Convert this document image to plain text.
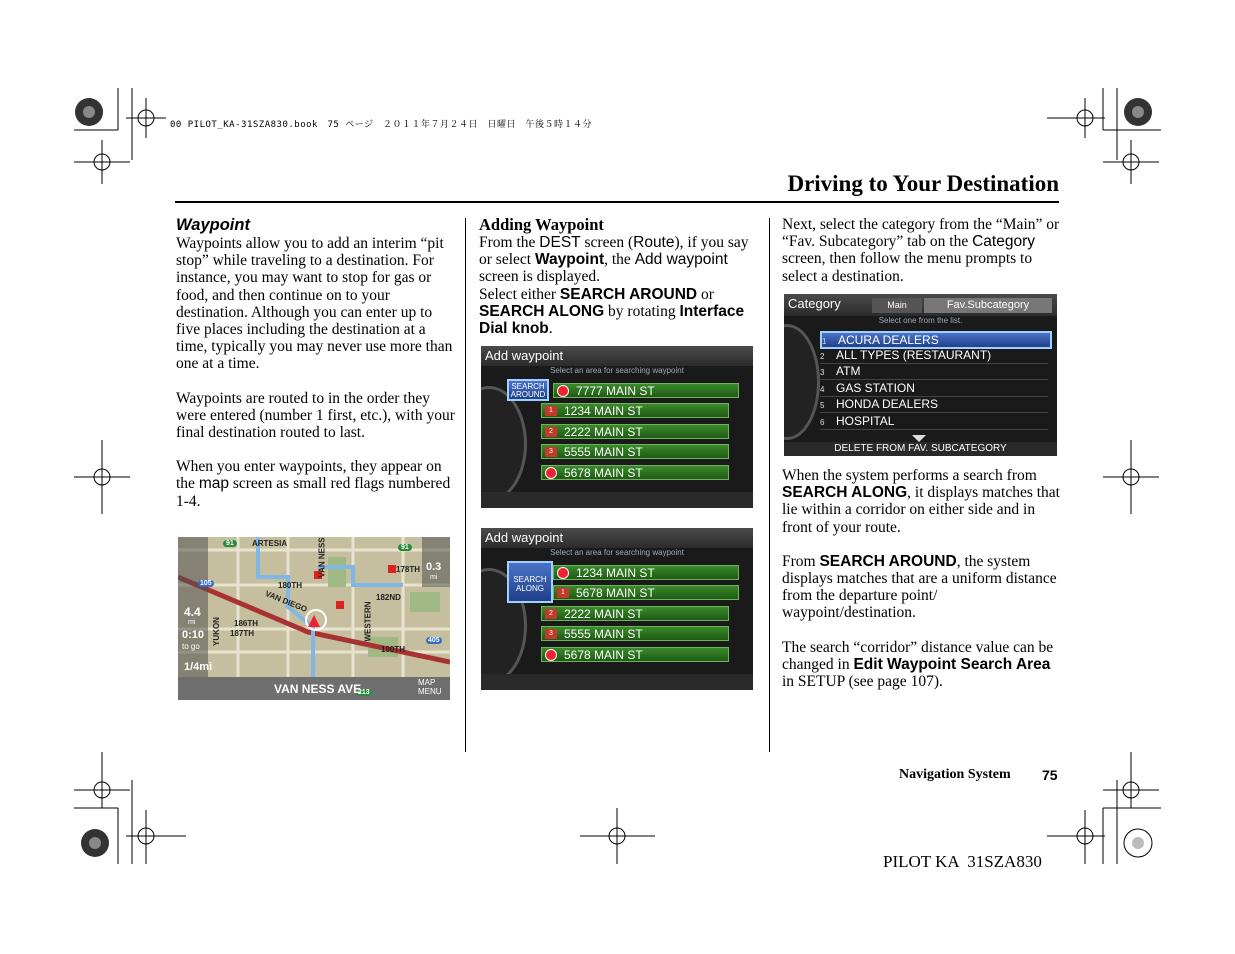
00 PILOT_KA-31SZA830.book　75 ページ　２０１１年７月２４日　日曜日　午後５時１４分
Driving to Your Destination
Waypoint

Waypoints allow you to add an interim “pit stop” while traveling to a destination. For instance, you may want to stop for gas or food, and then continue on to your destination. Although you can enter up to five places including the destination at a time, typically you may never use more than one at a time.

Waypoints are routed to in the order they were entered (number 1 first, etc.), with your final destination routed to last.

When you enter waypoints, they appear on the map screen as small red flags numbered 1-4.

ARTESIA
180TH
178TH
182ND
186TH
187TH
190TH
VAN DIEGO
YUKON	WESTERN
VAN NESS
91
91
105
405
213
4.4
mi
0:10
to go
1/4mi
0.3
mi
VAN NESS AVE	MAP MENU
Adding Waypoint
From the DEST screen (Route), if you say or select Waypoint, the Add waypoint screen is displayed.
Select either SEARCH AROUND or SEARCH ALONG by rotating Interface Dial knob.
Add waypoint
Select an area for searching waypoint
SEARCH AROUND	7777 MAIN ST
1 1234 MAIN ST
2 2222 MAIN ST
3 5555 MAIN ST
5678 MAIN ST
Add waypoint
Select an area for searching waypoint
SEARCH ALONG
1234 MAIN ST
1 5678 MAIN ST
2 2222 MAIN ST
3 5555 MAIN ST
5678 MAIN ST

Next, select the category from the “Main” or “Fav. Subcategory” tab on the Category screen, then follow the menu prompts to select a destination.

Category	Main	Fav.Subcategory
Select one from the list.
1 ACURA DEALERS
2 ALL TYPES (RESTAURANT)
3 ATM
4 GAS STATION
5 HONDA DEALERS
6 HOSPITAL
DELETE FROM FAV. SUBCATEGORY

When the system performs a search from SEARCH ALONG, it displays matches that lie within a corridor on either side and in front of your route.

From SEARCH AROUND, the system displays matches that are a uniform distance from the departure point/ waypoint/destination.

The search “corridor” distance value can be changed in Edit Waypoint Search Area in SETUP (see page 107).

Navigation System 75
PILOT KA  31SZA830
